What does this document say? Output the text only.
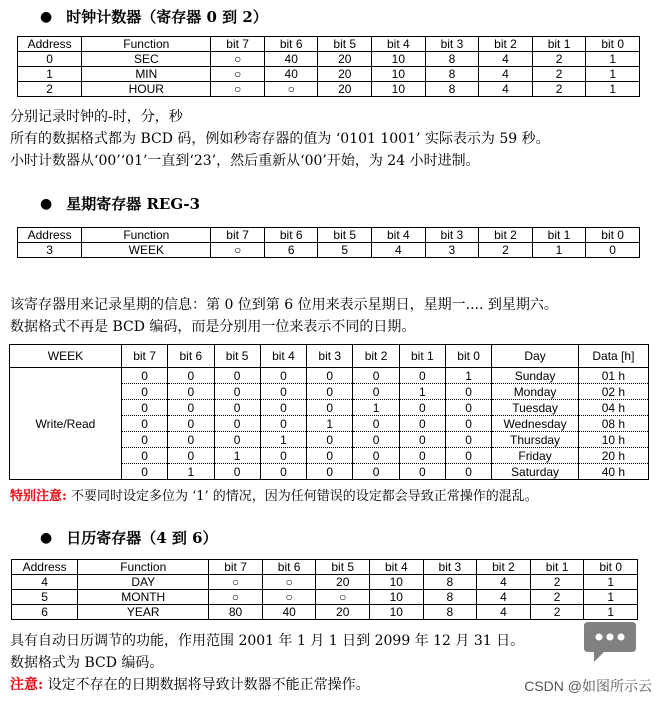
● 时钟计数器（寄存器 0 到 2）
Address	Function	bit 7	bit 6	bit 5	bit 4	bit 3	bit 2	bit 1	bit 0
0	SEC	○	40	20	10	8	4	2	1
1	MIN	○	40	20	10	8	4	2	1
2	HOUR	○	○	20	10	8	4	2	1
分别记录时钟的-时，分，秒
所有的数据格式都为 BCD 码，例如秒寄存器的值为 ‘0101 1001’ 实际表示为 59 秒。
小时计数器从‘00’‘01’一直到‘23’，然后重新从‘00’开始，为 24 小时进制。
● 星期寄存器 REG-3
Address	Function	bit 7	bit 6	bit 5	bit 4	bit 3	bit 2	bit 1	bit 0
3	WEEK	○	6	5	4	3	2	1	0
该寄存器用来记录星期的信息：第 0 位到第 6 位用来表示星期日，星期一.... 到星期六。
数据格式不再是 BCD 编码，而是分别用一位来表示不同的日期。
WEEK	bit 7	bit 6	bit 5	bit 4	bit 3	bit 2	bit 1	bit 0	Day	Data [h]
Write/Read	0	0	0	0	0	0	0	1	Sunday	01 h
	0	0	0	0	0	0	1	0	Monday	02 h
	0	0	0	0	0	1	0	0	Tuesday	04 h
	0	0	0	0	1	0	0	0	Wednesday	08 h
	0	0	0	1	0	0	0	0	Thursday	10 h
	0	0	1	0	0	0	0	0	Friday	20 h
	0	1	0	0	0	0	0	0	Saturday	40 h
特别注意: 不要同时设定多位为 ‘1’ 的情况，因为任何错误的设定都会导致正常操作的混乱。
● 日历寄存器（4 到 6）
Address	Function	bit 7	bit 6	bit 5	bit 4	bit 3	bit 2	bit 1	bit 0
4	DAY	○	○	20	10	8	4	2	1
5	MONTH	○	○	○	10	8	4	2	1
6	YEAR	80	40	20	10	8	4	2	1
具有自动日历调节的功能，作用范围 2001 年 1 月 1 日到 2099 年 12 月 31 日。
数据格式为 BCD 编码。
注意: 设定不存在的日期数据将导致计数器不能正常操作。	CSDN @如图所示云
